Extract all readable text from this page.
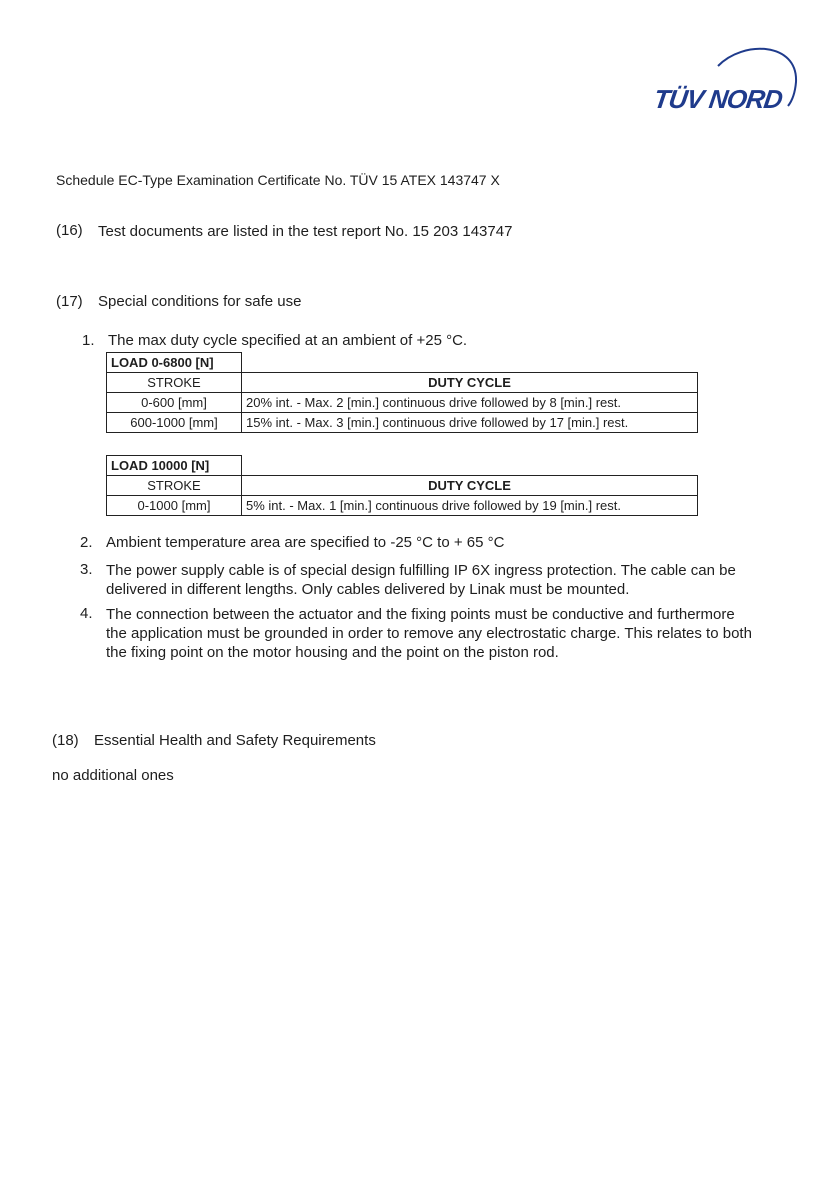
TÜV NORD
Schedule EC-Type Examination Certificate No. TÜV 15 ATEX 143747 X
(16) Test documents are listed in the test report No. 15 203 143747
(17) Special conditions for safe use
1. The max duty cycle specified at an ambient of +25 °C.
LOAD 0-6800 [N]	
STROKE	DUTY CYCLE
0-600 [mm]	20% int. - Max. 2 [min.] continuous drive followed by 8 [min.] rest.
600-1000 [mm]	15% int. - Max. 3 [min.] continuous drive followed by 17 [min.] rest.
LOAD 10000 [N]	
STROKE	DUTY CYCLE
0-1000 [mm]	5% int. - Max. 1 [min.] continuous drive followed by 19 [min.] rest.
2. Ambient temperature area are specified to -25 °C to + 65 °C
3. The power supply cable is of special design fulfilling IP 6X ingress protection. The cable can be delivered in different lengths. Only cables delivered by Linak must be mounted.
4. The connection between the actuator and the fixing points must be conductive and furthermore the application must be grounded in order to remove any electrostatic charge. This relates to both the fixing point on the motor housing and the point on the piston rod.
(18) Essential Health and Safety Requirements
no additional ones
